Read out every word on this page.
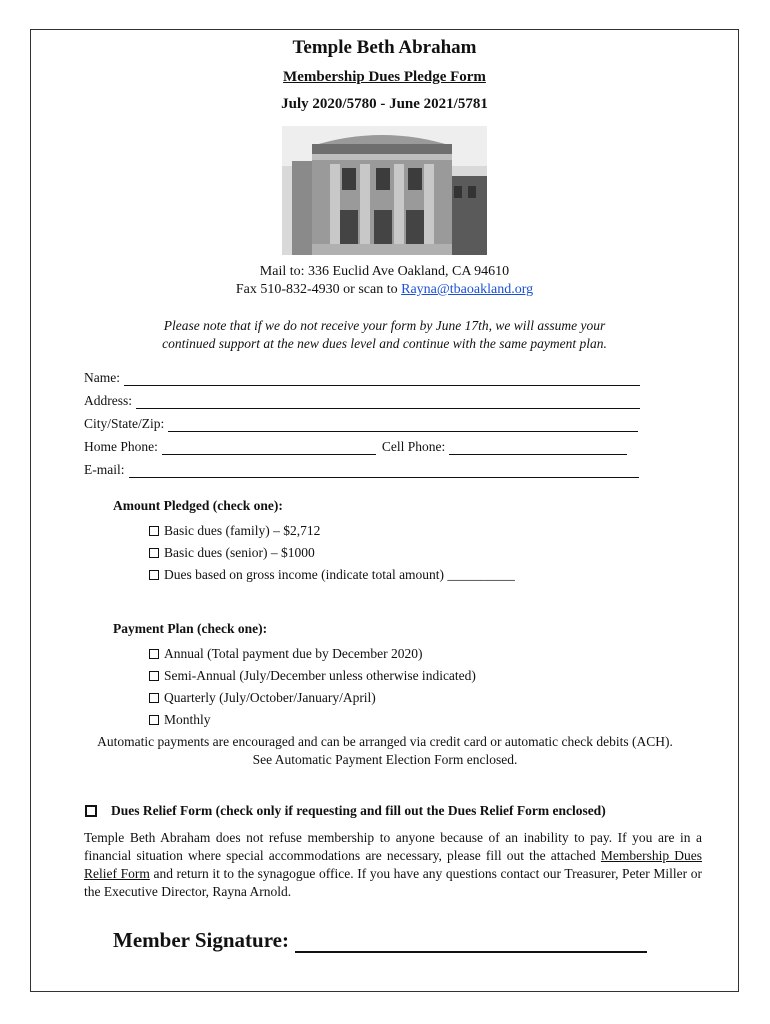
Temple Beth Abraham
Membership Dues Pledge Form
July 2020/5780 - June 2021/5781
Mail to: 336 Euclid Ave Oakland, CA 94610
Fax 510-832-4930 or scan to Rayna@tbaoakland.org
Please note that if we do not receive your form by June 17th, we will assume your
continued support at the new dues level and continue with the same payment plan.
Name:
Address:
City/State/Zip:
Home Phone:	Cell Phone:
E-mail:
Amount Pledged (check one):
Basic dues (family) – $2,712
Basic dues (senior) – $1000
Dues based on gross income (indicate total amount) __________
Payment Plan (check one):
Annual (Total payment due by December 2020)
Semi-Annual (July/December unless otherwise indicated)
Quarterly (July/October/January/April)
Monthly
Automatic payments are encouraged and can be arranged via credit card or automatic check debits (ACH).
See Automatic Payment Election Form enclosed.
Dues Relief Form (check only if requesting and fill out the Dues Relief Form enclosed)
Temple Beth Abraham does not refuse membership to anyone because of an inability to pay. If you are in a financial situation where special accommodations are necessary, please fill out the attached Membership Dues Relief Form and return it to the synagogue office. If you have any questions contact our Treasurer, Peter Miller or the Executive Director, Rayna Arnold.
Member Signature:
